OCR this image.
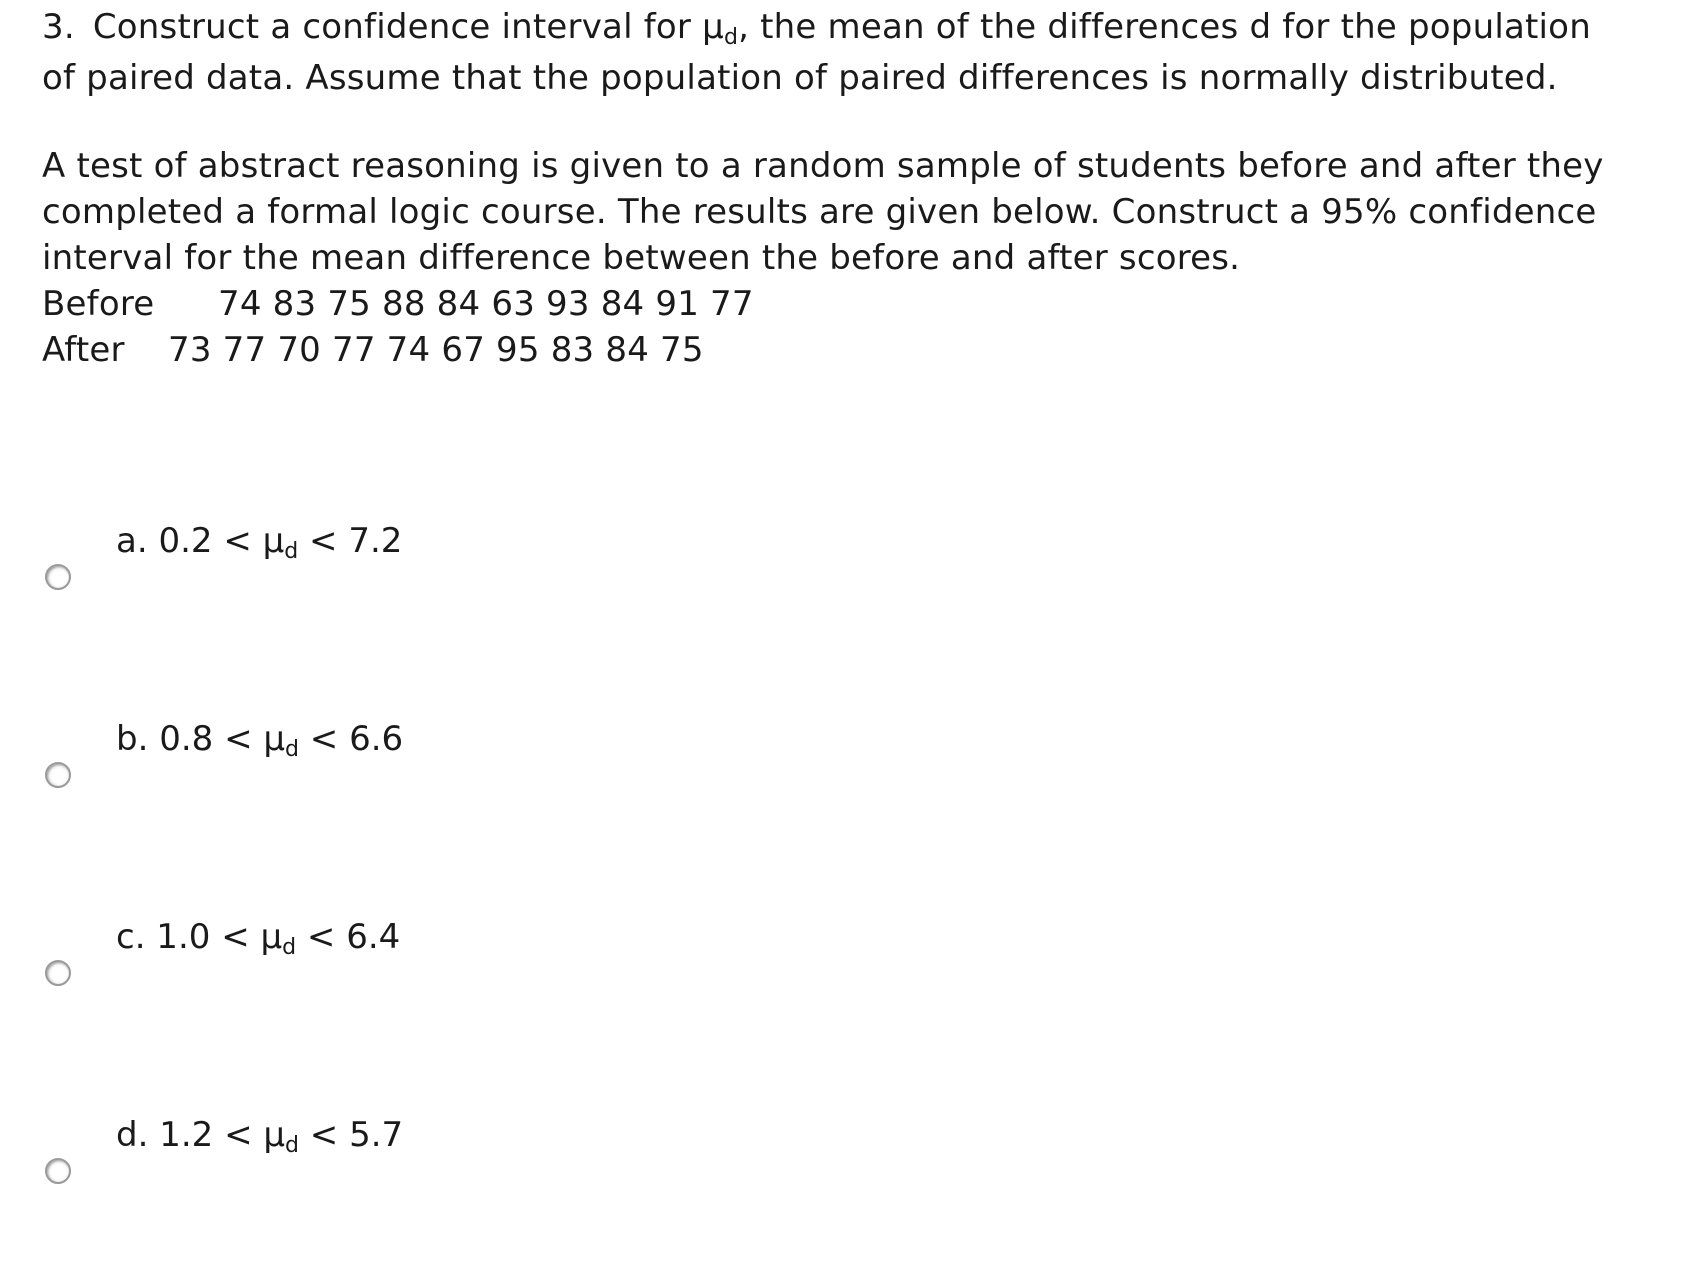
3. Construct a confidence interval for μd, the mean of the differences d for the population
of paired data. Assume that the population of paired differences is normally distributed.
A test of abstract reasoning is given to a random sample of students before and after they
completed a formal logic course. The results are given below. Construct a 95% confidence
interval for the mean difference between the before and after scores.
Before 74 83 75 88 84 63 93 84 91 77
After 73 77 70 77 74 67 95 83 84 75
a. 0.2 < μd < 7.2
b. 0.8 < μd < 6.6
c. 1.0 < μd < 6.4
d. 1.2 < μd < 5.7
